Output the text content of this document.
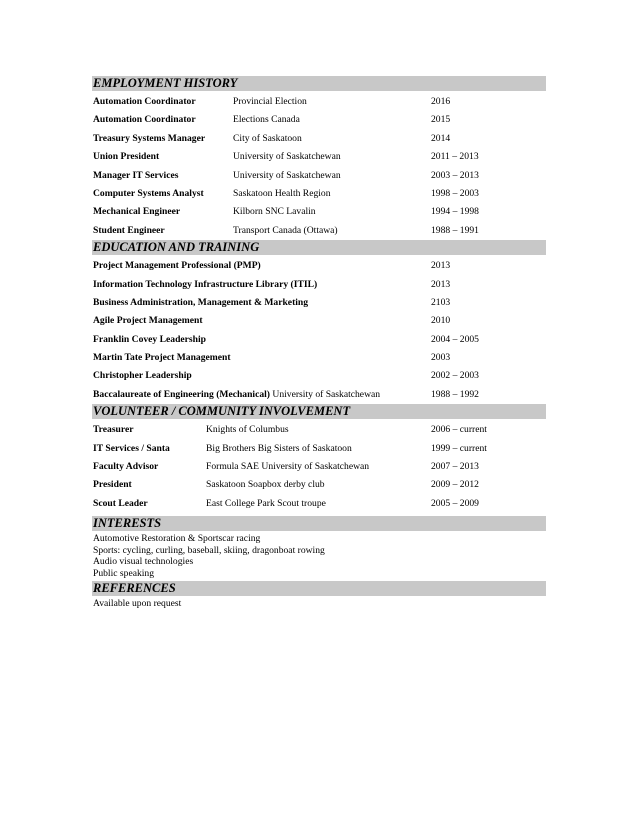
EMPLOYMENT HISTORY
Automation Coordinator	Provincial Election	2016
Automation Coordinator	Elections Canada	2015
Treasury Systems Manager	City of Saskatoon	2014
Union President	University of Saskatchewan	2011 – 2013
Manager IT Services	University of Saskatchewan	2003 – 2013
Computer Systems Analyst	Saskatoon Health Region	1998 – 2003
Mechanical Engineer	Kilborn SNC Lavalin	1994 – 1998
Student Engineer	Transport Canada (Ottawa)	1988 – 1991
EDUCATION AND TRAINING
Project Management Professional (PMP)	2013
Information Technology Infrastructure Library (ITIL)	2013
Business Administration, Management & Marketing	2103
Agile Project Management	2010
Franklin Covey Leadership	2004 – 2005
Martin Tate Project Management	2003
Christopher Leadership	2002 – 2003
Baccalaureate of Engineering (Mechanical) University of Saskatchewan	1988 – 1992
VOLUNTEER / COMMUNITY INVOLVEMENT
Treasurer	Knights of Columbus	2006 – current
IT Services / Santa	Big Brothers Big Sisters of Saskatoon	1999 – current
Faculty Advisor	Formula SAE University of Saskatchewan	2007 – 2013
President	Saskatoon Soapbox derby club	2009 – 2012
Scout Leader	East College Park Scout troupe	2005 – 2009
INTERESTS
Automotive Restoration & Sportscar racing
Sports: cycling, curling, baseball, skiing, dragonboat rowing
Audio visual technologies
Public speaking
REFERENCES
Available upon request
